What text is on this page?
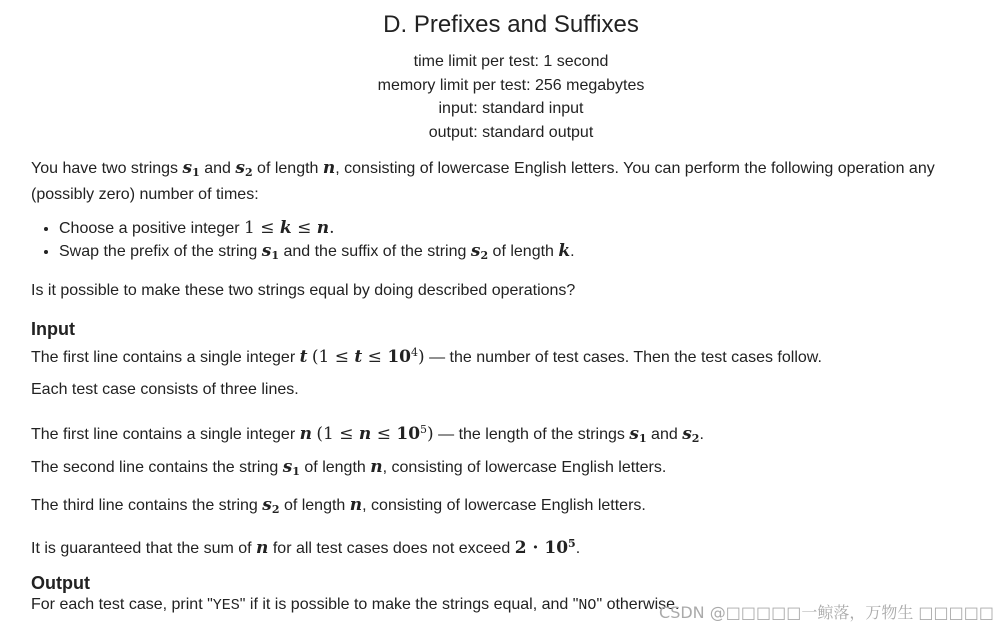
D. Prefixes and Suffixes
time limit per test: 1 second
memory limit per test: 256 megabytes
input: standard input
output: standard output
You have two strings $s_1$ and $s_2$ of length n, consisting of lowercase English letters. You can perform the following operation any (possibly zero) number of times:
• Choose a positive integer 1 ≤ k ≤ n.
• Swap the prefix of the string $s_1$ and the suffix of the string $s_2$ of length k.
Is it possible to make these two strings equal by doing described operations?
Input
The first line contains a single integer t $(1 \le t \le 10^4)$ — the number of test cases. Then the test cases follow.
Each test case consists of three lines.
The first line contains a single integer n $(1 \le n \le 10^5)$ — the length of the strings $s_1$ and $s_2$.
The second line contains the string $s_1$ of length n, consisting of lowercase English letters.
The third line contains the string $s_2$ of length n, consisting of lowercase English letters.
It is guaranteed that the sum of n for all test cases does not exceed $2 \cdot 10^5$.
Output
For each test case, print "YES" if it is possible to make the strings equal, and "NO" otherwise.
CSDN @□□□□□一鲸落，万物生 □□□□□
